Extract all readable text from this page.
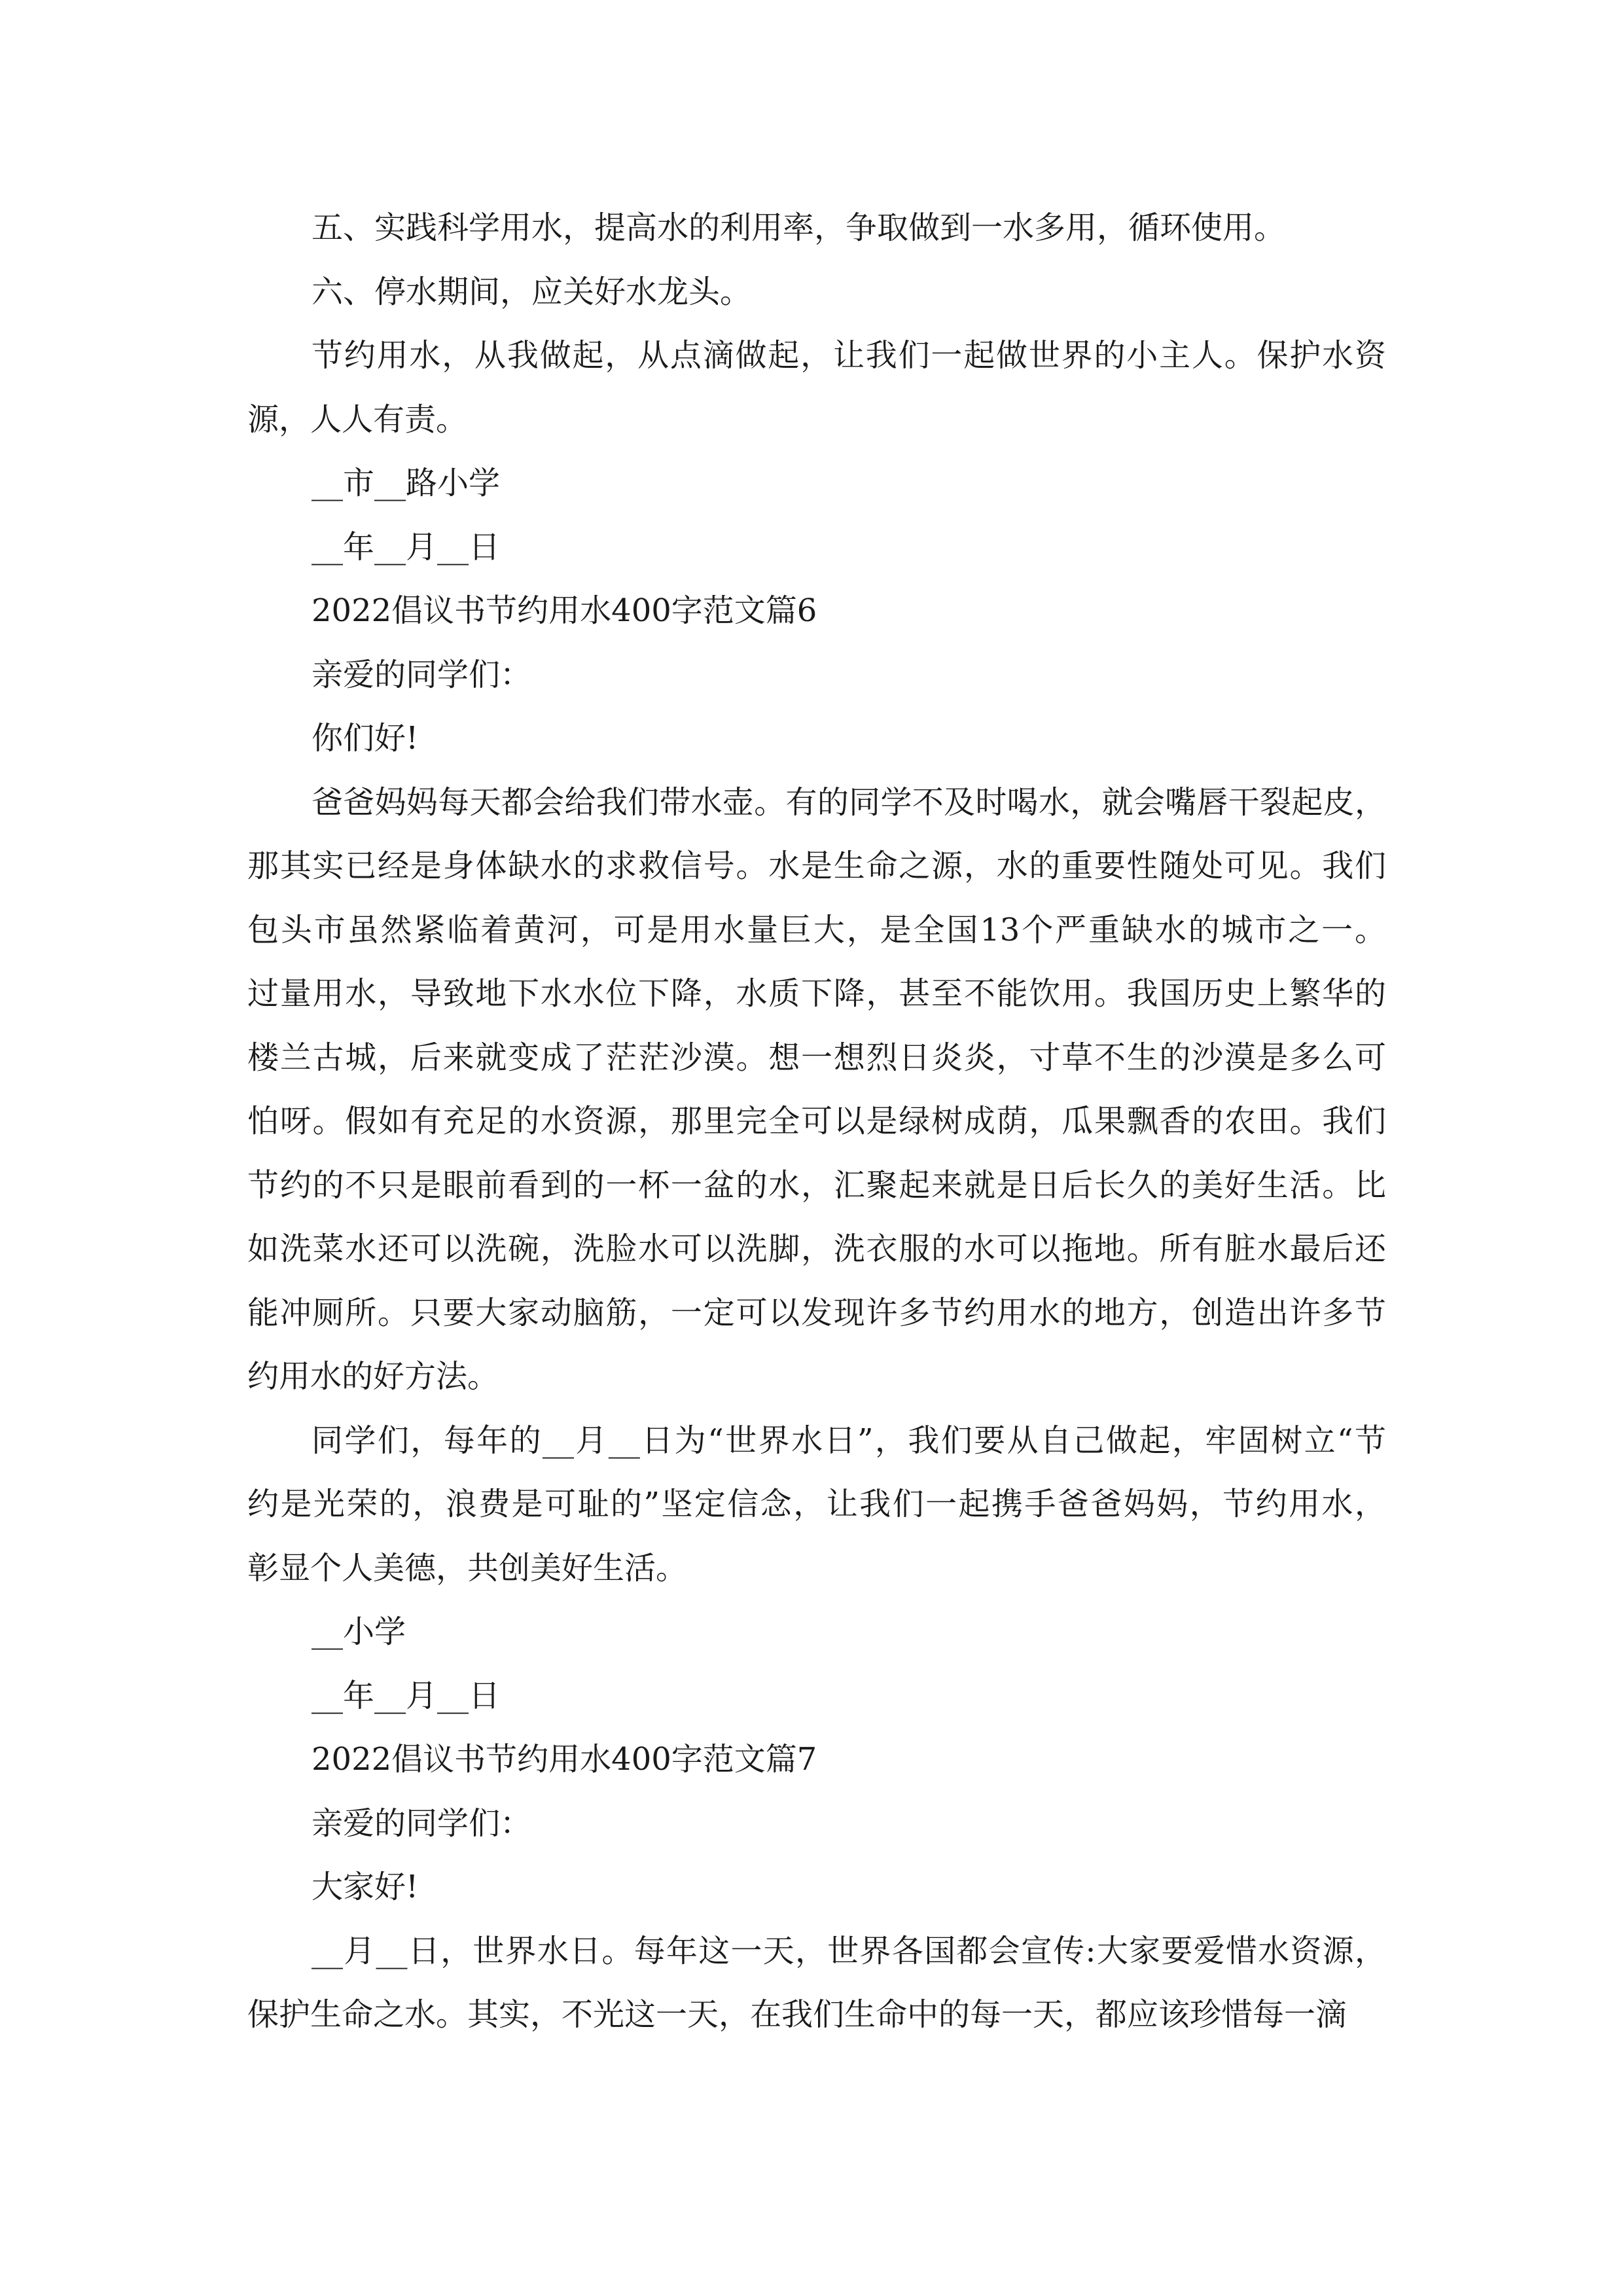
五、实践科学用水，提高水的利用率，争取做到一水多用，循环使用。
六、停水期间，应关好水龙头。
节约用水，从我做起，从点滴做起，让我们一起做世界的小主人。保护水资
源，人人有责。
__市__路小学
__年__月__日
2022倡议书节约用水400字范文篇6
亲爱的同学们：
你们好!
爸爸妈妈每天都会给我们带水壶。有的同学不及时喝水，就会嘴唇干裂起皮，
那其实已经是身体缺水的求救信号。水是生命之源，水的重要性随处可见。我们
包头市虽然紧临着黄河，可是用水量巨大，是全国13个严重缺水的城市之一。
过量用水，导致地下水水位下降，水质下降，甚至不能饮用。我国历史上繁华的
楼兰古城，后来就变成了茫茫沙漠。想一想烈日炎炎，寸草不生的沙漠是多么可
怕呀。假如有充足的水资源，那里完全可以是绿树成荫，瓜果飘香的农田。我们
节约的不只是眼前看到的一杯一盆的水，汇聚起来就是日后长久的美好生活。比
如洗菜水还可以洗碗，洗脸水可以洗脚，洗衣服的水可以拖地。所有脏水最后还
能冲厕所。只要大家动脑筋，一定可以发现许多节约用水的地方，创造出许多节
约用水的好方法。
同学们，每年的__月__日为“世界水日”，我们要从自己做起，牢固树立“节
约是光荣的，浪费是可耻的”坚定信念，让我们一起携手爸爸妈妈，节约用水，
彰显个人美德，共创美好生活。
__小学
__年__月__日
2022倡议书节约用水400字范文篇7
亲爱的同学们：
大家好!
__月__日，世界水日。每年这一天，世界各国都会宣传:大家要爱惜水资源，
保护生命之水。其实，不光这一天，在我们生命中的每一天，都应该珍惜每一滴
